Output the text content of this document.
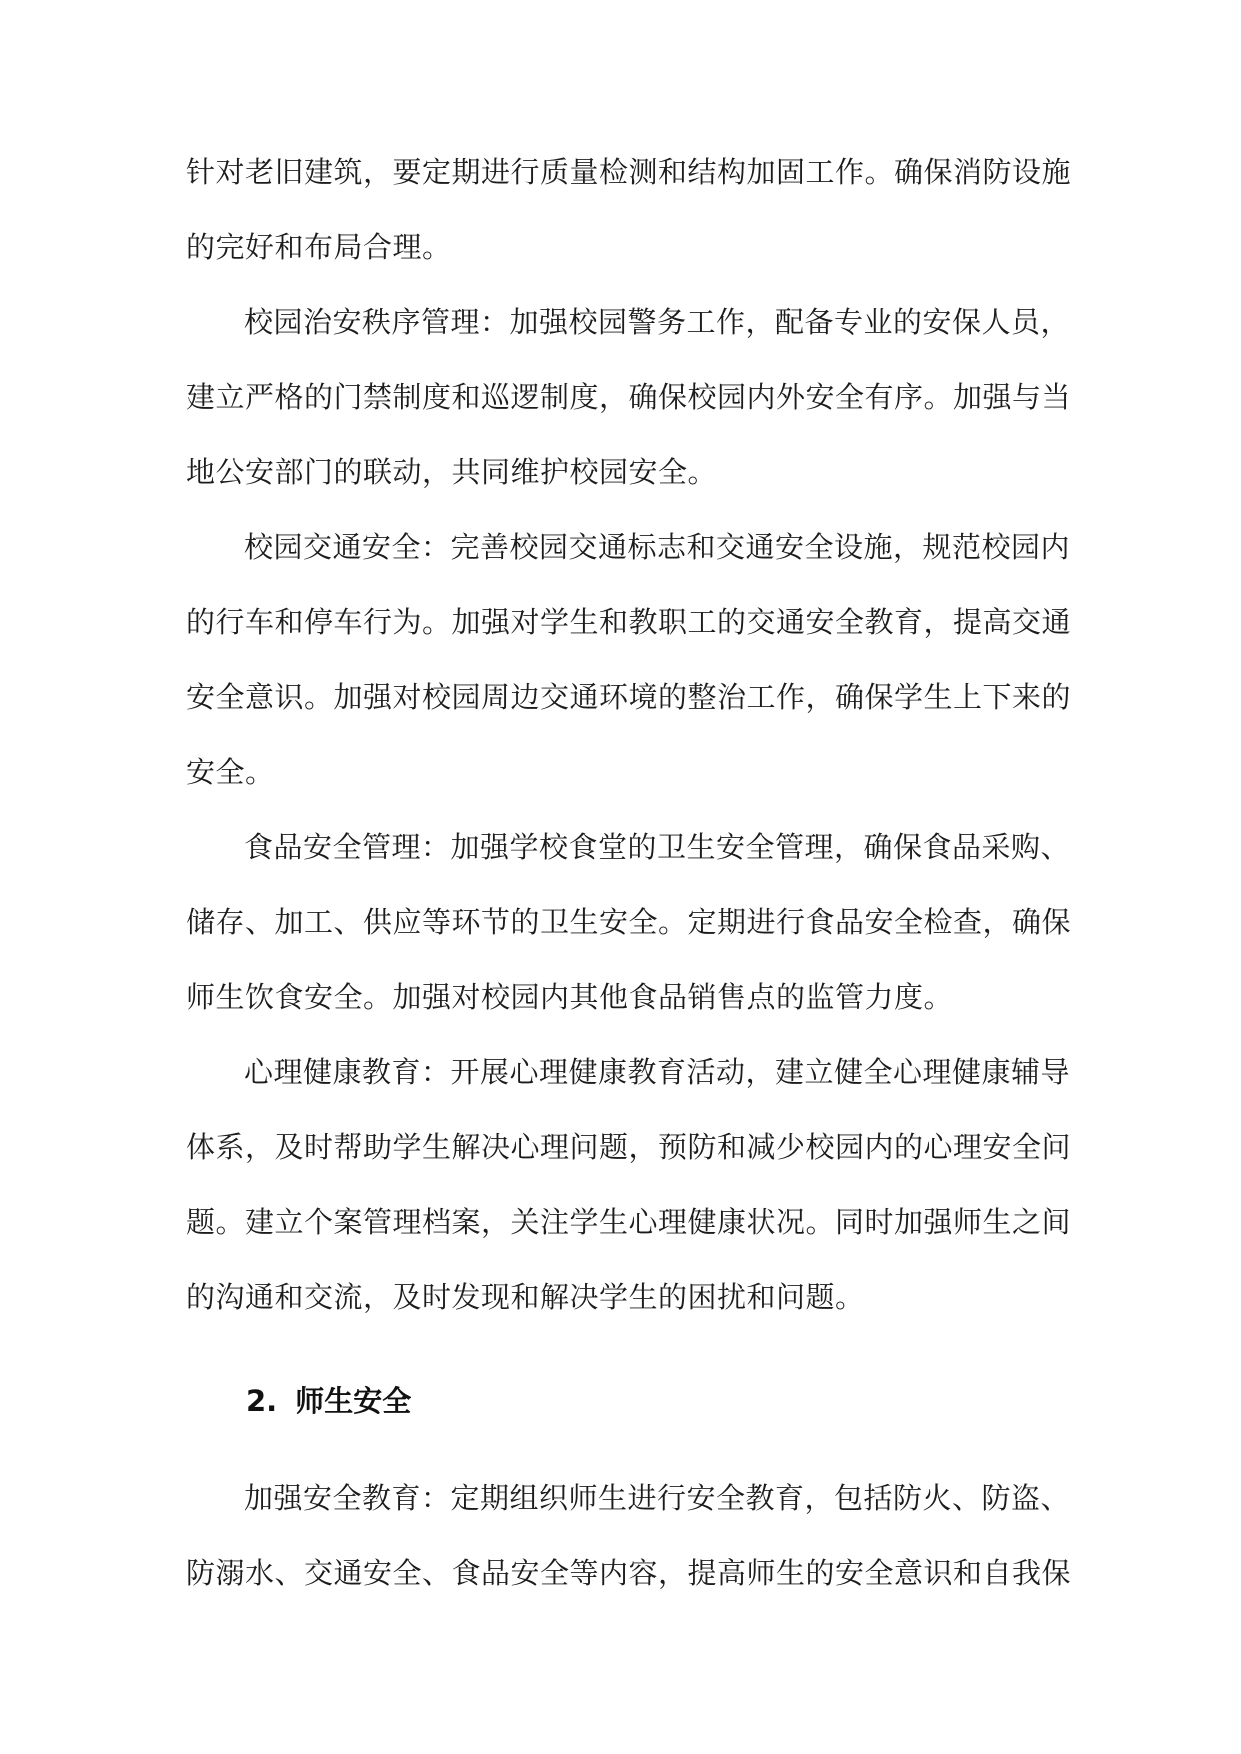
针对老旧建筑，要定期进行质量检测和结构加固工作。确保消防设施

的完好和布局合理。

校园治安秩序管理：加强校园警务工作，配备专业的安保人员，

建立严格的门禁制度和巡逻制度，确保校园内外安全有序。加强与当

地公安部门的联动，共同维护校园安全。

校园交通安全：完善校园交通标志和交通安全设施，规范校园内

的行车和停车行为。加强对学生和教职工的交通安全教育，提高交通

安全意识。加强对校园周边交通环境的整治工作，确保学生上下来的

安全。

食品安全管理：加强学校食堂的卫生安全管理，确保食品采购、

储存、加工、供应等环节的卫生安全。定期进行食品安全检查，确保

师生饮食安全。加强对校园内其他食品销售点的监管力度。

心理健康教育：开展心理健康教育活动，建立健全心理健康辅导

体系，及时帮助学生解决心理问题，预防和减少校园内的心理安全问

题。建立个案管理档案，关注学生心理健康状况。同时加强师生之间

的沟通和交流，及时发现和解决学生的困扰和问题。

2. 师生安全

加强安全教育：定期组织师生进行安全教育，包括防火、防盗、

防溺水、交通安全、食品安全等内容，提高师生的安全意识和自我保
